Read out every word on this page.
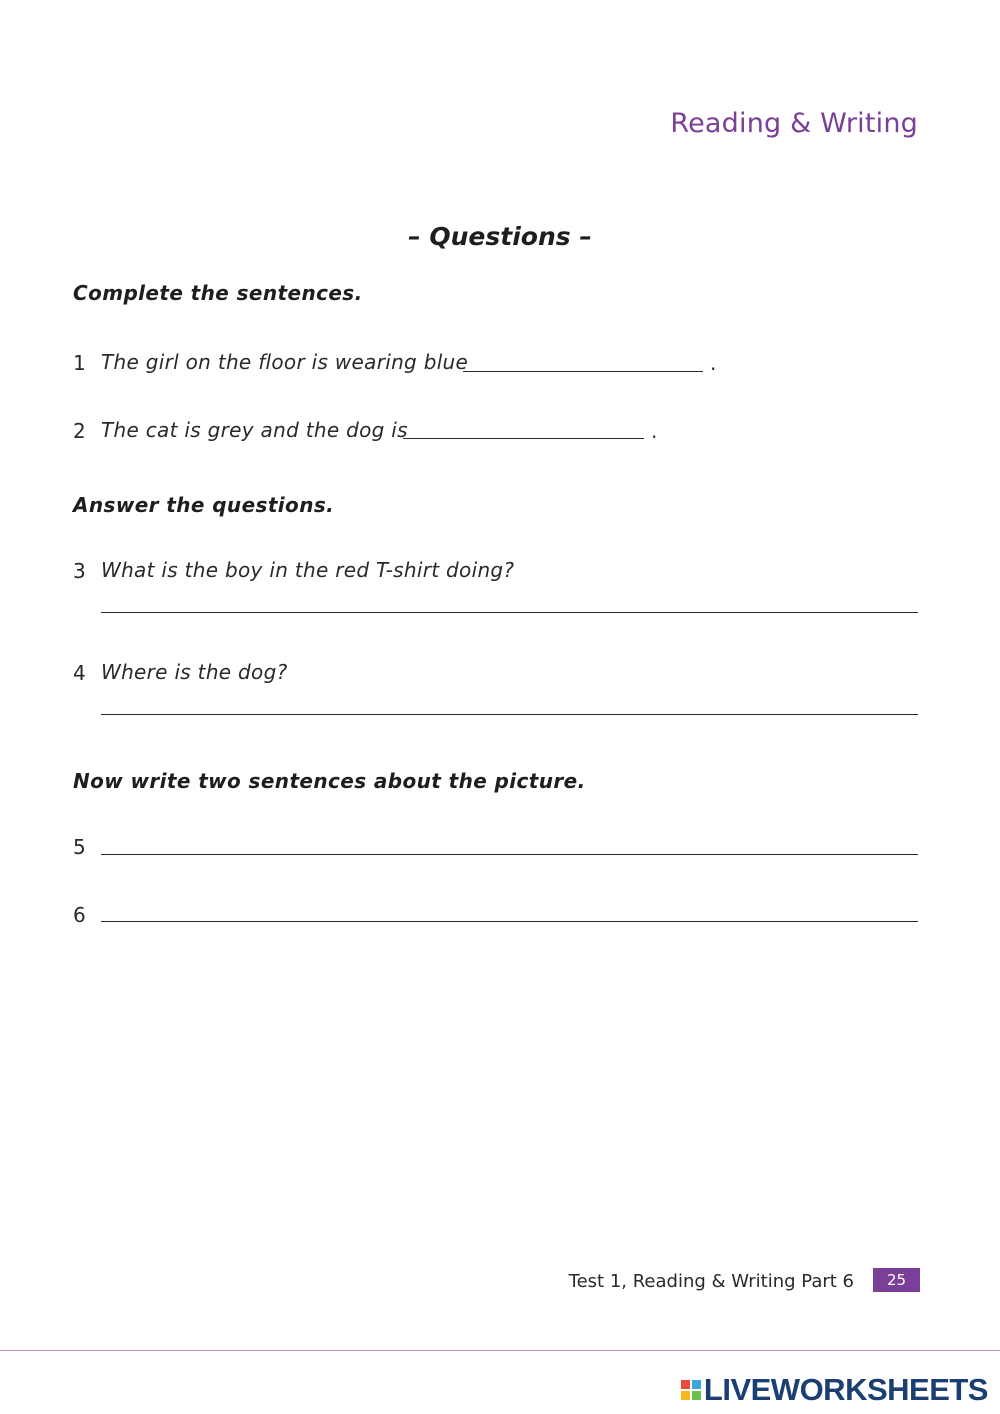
Reading & Writing
– Questions –
Complete the sentences.
1 The girl on the floor is wearing blue	.
2 The cat is grey and the dog is	.
Answer the questions.
3 What is the boy in the red T-shirt doing?
4 Where is the dog?
Now write two sentences about the picture.
5
6
Test 1, Reading & Writing Part 6	25
LIVEWORKSHEETS
